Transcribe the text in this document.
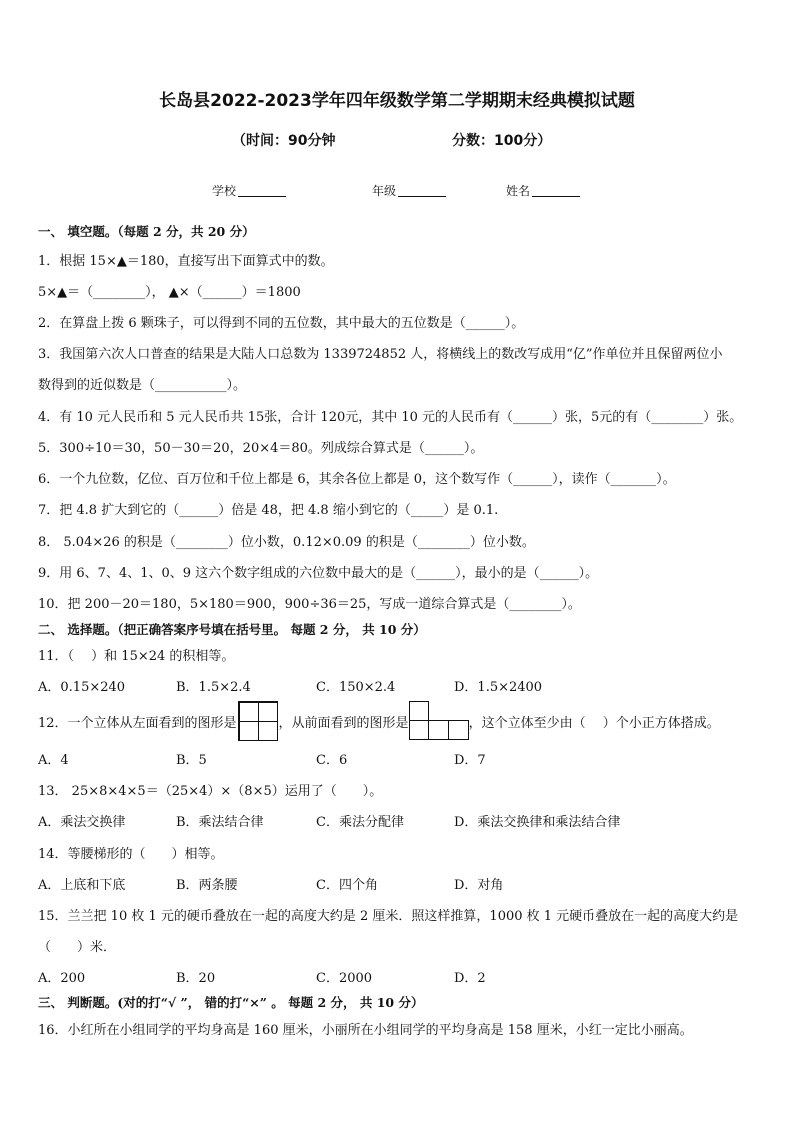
长岛县2022-2023学年四年级数学第二学期期末经典模拟试题
（时间：90分钟	分数：100分）
学校	年级	姓名
一、 填空题。（每题 2 分，共 20 分）
1．根据 15×▲＝180，直接写出下面算式中的数。
5×▲＝（________）， ▲×（______）＝1800
2．在算盘上拨 6 颗珠子，可以得到不同的五位数，其中最大的五位数是（______）。
3．我国第六次人口普查的结果是大陆人口总数为 1339724852 人，将横线上的数改写成用“亿”作单位并且保留两位小
数得到的近似数是（___________）。
4．有 10 元人民币和 5 元人民币共 15张，合计 120元，其中 10 元的人民币有（______）张，5元的有（________）张。
5．300÷10＝30，50－30＝20，20×4＝80。列成综合算式是（______）。
6．一个九位数，亿位、百万位和千位上都是 6，其余各位上都是 0，这个数写作（______），读作（_______）。
7．把 4.8 扩大到它的（______）倍是 48，把 4.8 缩小到它的（_____）是 0.1.
8． 5.04×26 的积是（________）位小数，0.12×0.09 的积是（________）位小数。
9．用 6、7、4、1、0、9 这六个数字组成的六位数中最大的是（______），最小的是（______）。
10．把 200－20＝180，5×180＝900，900÷36＝25，写成一道综合算式是（________）。
二、 选择题。（把正确答案序号填在括号里。 每题 2 分， 共 10 分）
11．（　 ）和 15×24 的积相等。
A．0.15×240	B．1.5×2.4	C．150×2.4	D．1.5×2400
12．一个立体从左面看到的图形是	，从前面看到的图形是	，这个立体至少由（　 ）个小正方体搭成。
A．4	B．5	C．6	D．7
13． 25×8×4×5＝（25×4）×（8×5）运用了（　　）。
A．乘法交换律	B．乘法结合律	C．乘法分配律	D．乘法交换律和乘法结合律
14．等腰梯形的（　　）相等。
A．上底和下底	B．两条腰	C．四个角	D．对角
15．兰兰把 10 枚 1 元的硬币叠放在一起的高度大约是 2 厘米．照这样推算，1000 枚 1 元硬币叠放在一起的高度大约是
（　　）米．
A．200	B．20	C．2000	D．2
三、 判断题。(对的打“√ ”， 错的打“×” 。 每题 2 分， 共 10 分）
16．小红所在小组同学的平均身高是 160 厘米，小丽所在小组同学的平均身高是 158 厘米，小红一定比小丽高。
